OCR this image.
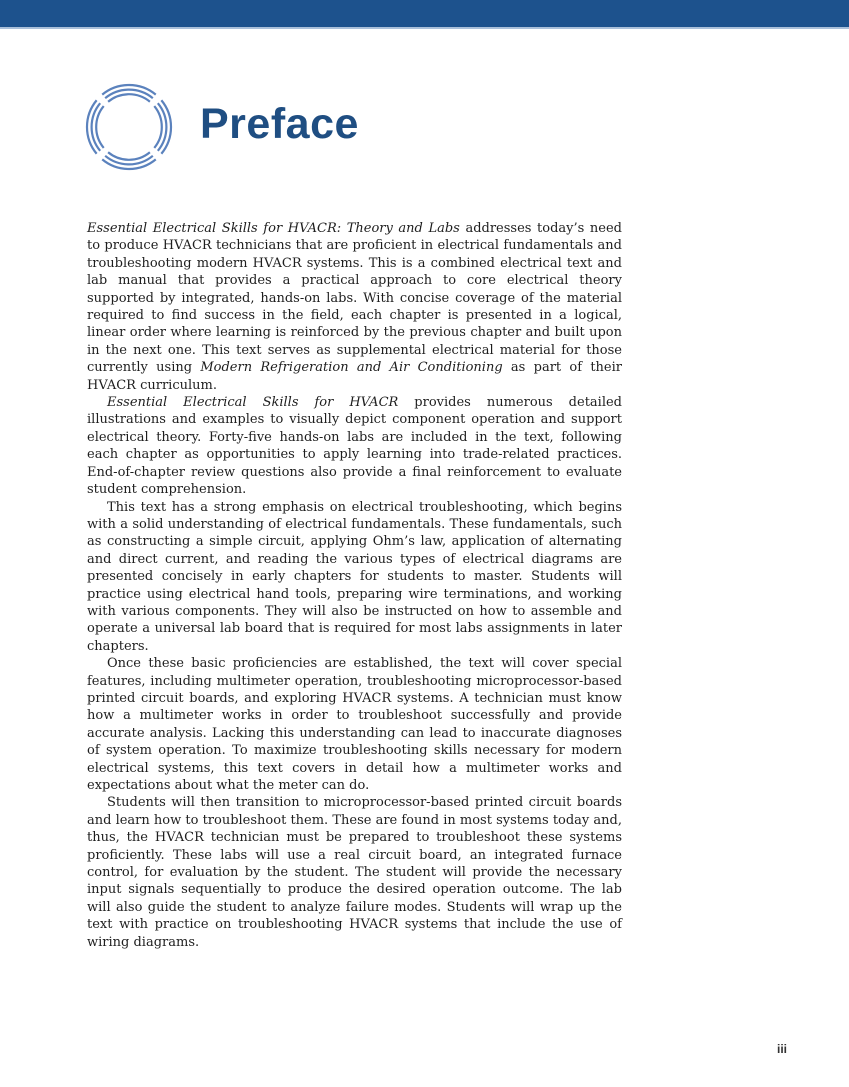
Preface

Essential Electrical Skills for HVACR: Theory and Labs addresses today’s need to produce HVACR technicians that are proficient in electrical fundamentals and troubleshooting modern HVACR systems. This is a combined electrical text and lab manual that provides a practical approach to core electrical theory supported by integrated, hands-on labs. With concise coverage of the material required to find success in the field, each chapter is presented in a logical, linear order where learning is reinforced by the previous chapter and built upon in the next one. This text serves as supplemental electrical material for those currently using Modern Refrigeration and Air Conditioning as part of their HVACR curriculum.

Essential Electrical Skills for HVACR provides numerous detailed illustrations and examples to visually depict component operation and support electrical theory. Forty-five hands-on labs are included in the text, following each chapter as opportunities to apply learning into trade-related practices. End-of-chapter review questions also provide a final reinforcement to evaluate student comprehension.

This text has a strong emphasis on electrical troubleshooting, which begins with a solid understanding of electrical fundamentals. These fundamentals, such as constructing a simple circuit, applying Ohm’s law, application of alternating and direct current, and reading the various types of electrical diagrams are presented concisely in early chapters for students to master. Students will practice using electrical hand tools, preparing wire terminations, and working with various components. They will also be instructed on how to assemble and operate a universal lab board that is required for most labs assignments in later chapters.

Once these basic proficiencies are established, the text will cover special features, including multimeter operation, troubleshooting microprocessor-based printed circuit boards, and exploring HVACR systems. A technician must know how a multimeter works in order to troubleshoot successfully and provide accurate analysis. Lacking this understanding can lead to inaccurate diagnoses of system operation. To maximize troubleshooting skills necessary for modern electrical systems, this text covers in detail how a multimeter works and expectations about what the meter can do.

Students will then transition to microprocessor-based printed circuit boards and learn how to troubleshoot them. These are found in most systems today and, thus, the HVACR technician must be prepared to troubleshoot these systems proficiently. These labs will use a real circuit board, an integrated furnace control, for evaluation by the student. The student will provide the necessary input signals sequentially to produce the desired operation outcome. The lab will also guide the student to analyze failure modes. Students will wrap up the text with practice on troubleshooting HVACR systems that include the use of wiring diagrams.

iii
